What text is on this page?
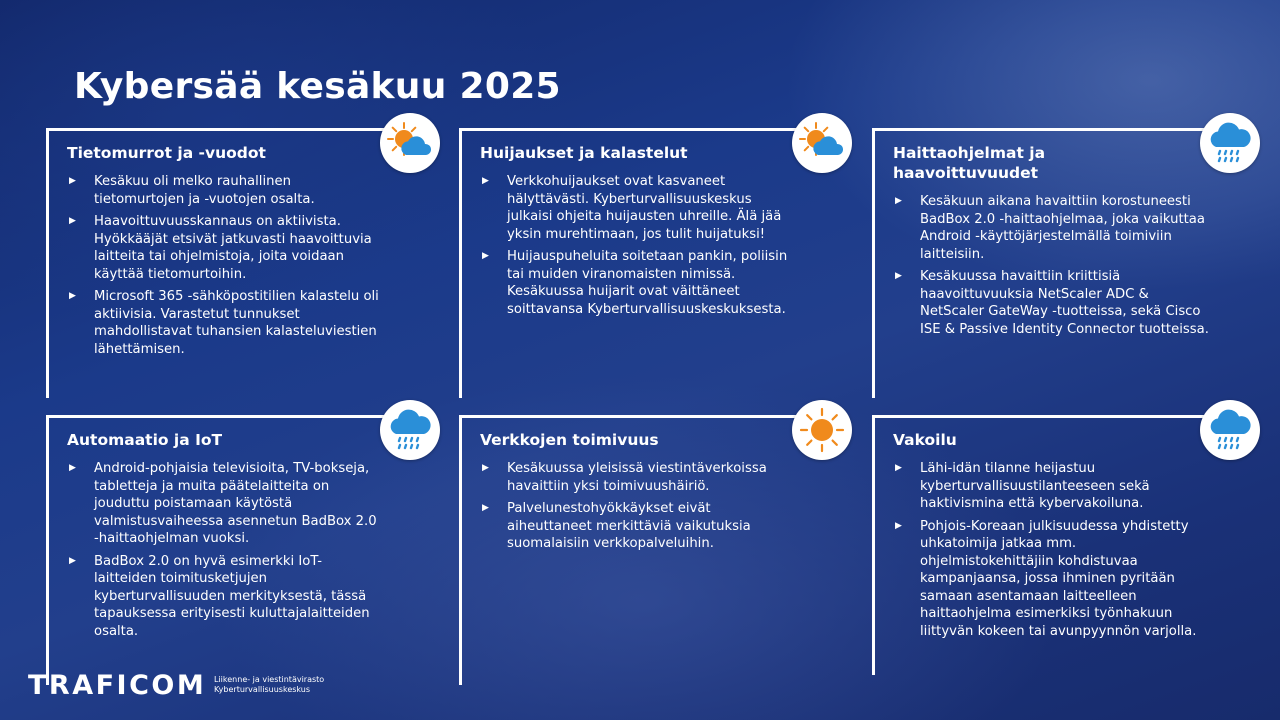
Kybersää kesäkuu 2025
Tietomurrot ja -vuodot
▶ Kesäkuu oli melko rauhallinen tietomurtojen ja -vuotojen osalta.
▶ Haavoittuvuusskannaus on aktiivista. Hyökkääjät etsivät jatkuvasti haavoittuvia laitteita tai ohjelmistoja, joita voidaan käyttää tietomurtoihin.
▶ Microsoft 365 -sähköpostitilien kalastelu oli aktiivisia. Varastetut tunnukset mahdollistavat tuhansien kalasteluviestien lähettämisen.
Huijaukset ja kalastelut
▶ Verkkohuijaukset ovat kasvaneet hälyttävästi. Kyberturvallisuuskeskus julkaisi ohjeita huijausten uhreille. Älä jää yksin murehtimaan, jos tulit huijatuksi!
▶ Huijauspuheluita soitetaan pankin, poliisin tai muiden viranomaisten nimissä. Kesäkuussa huijarit ovat väittäneet soittavansa Kyberturvallisuuskeskuksesta.
Haittaohjelmat ja haavoittuvuudet
▶ Kesäkuun aikana havaittiin korostuneesti BadBox 2.0 -haittaohjelmaa, joka vaikuttaa Android -käyttöjärjestelmällä toimiviin laitteisiin.
▶ Kesäkuussa havaittiin kriittisiä haavoittuvuuksia NetScaler ADC & NetScaler GateWay -tuotteissa, sekä Cisco ISE & Passive Identity Connector tuotteissa.
Automaatio ja IoT
▶ Android-pohjaisia televisioita, TV-bokseja, tabletteja ja muita päätelaitteita on jouduttu poistamaan käytöstä valmistusvaiheessa asennetun BadBox 2.0 -haittaohjelman vuoksi.
▶ BadBox 2.0 on hyvä esimerkki IoT-laitteiden toimitusketjujen kyberturvallisuuden merkityksestä, tässä tapauksessa erityisesti kuluttajalaitteiden osalta.
Verkkojen toimivuus
▶ Kesäkuussa yleisissä viestintäverkoissa havaittiin yksi toimivuushäiriö.
▶ Palvelunestohyökkäykset eivät aiheuttaneet merkittäviä vaikutuksia suomalaisiin verkkopalveluihin.
Vakoilu
▶ Lähi-idän tilanne heijastuu kyberturvallisuustilanteeseen sekä haktivismina että kybervakoiluna.
▶ Pohjois-Koreaan julkisuudessa yhdistetty uhkatoimija jatkaa mm. ohjelmistokehittäjiin kohdistuvaa kampanjaansa, jossa ihminen pyritään samaan asentamaan laitteelleen haittaohjelma esimerkiksi työnhakuun liittyvän kokeen tai avunpyynnön varjolla.
TRAFICOM Liikenne- ja viestintävirasto
Kyberturvallisuuskeskus
